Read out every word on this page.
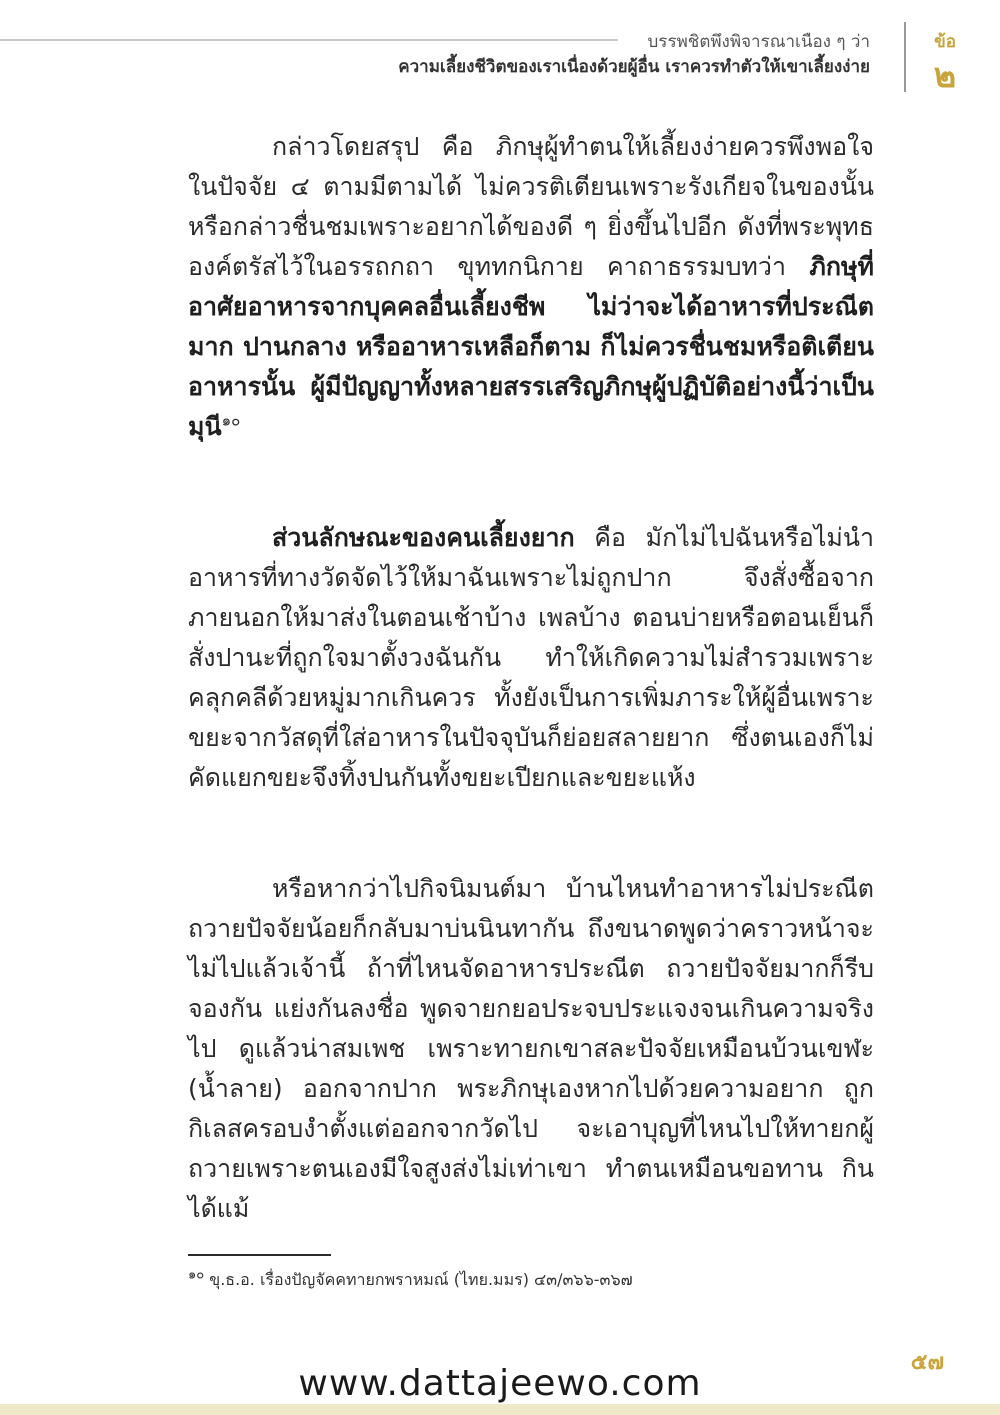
บรรพชิตพึงพิจารณาเนือง ๆ ว่า
ความเลี้ยงชีวิตของเราเนื่องด้วยผู้อื่น เราควรทำตัวให้เขาเลี้ยงง่าย
ข้อ
๒

กล่าวโดยสรุป คือ ภิกษุผู้ทำตนให้เลี้ยงง่ายควรพึงพอใจในปัจจัย ๔ ตามมีตามได้ ไม่ควรติเตียนเพราะรังเกียจในของนั้น หรือกล่าวชื่นชมเพราะอยากได้ของดี ๆ ยิ่งขึ้นไปอีก ดังที่พระพุทธองค์ตรัสไว้ในอรรถกถา ขุททกนิกาย คาถาธรรมบทว่า ภิกษุที่อาศัยอาหารจากบุคคลอื่นเลี้ยงชีพ ไม่ว่าจะได้อาหารที่ประณีตมาก ปานกลาง หรืออาหารเหลือก็ตาม ก็ไม่ควรชื่นชมหรือติเตียนอาหารนั้น ผู้มีปัญญาทั้งหลายสรรเสริญภิกษุผู้ปฏิบัติอย่างนี้ว่าเป็นมุนี$^{๑๐}$

ส่วนลักษณะของคนเลี้ยงยาก คือ มักไม่ไปฉันหรือไม่นำอาหารที่ทางวัดจัดไว้ให้มาฉันเพราะไม่ถูกปาก จึงสั่งซื้อจากภายนอกให้มาส่งในตอนเช้าบ้าง เพลบ้าง ตอนบ่ายหรือตอนเย็นก็สั่งปานะที่ถูกใจมาตั้งวงฉันกัน ทำให้เกิดความไม่สำรวมเพราะคลุกคลีด้วยหมู่มากเกินควร ทั้งยังเป็นการเพิ่มภาระให้ผู้อื่นเพราะขยะจากวัสดุที่ใส่อาหารในปัจจุบันก็ย่อยสลายยาก ซึ่งตนเองก็ไม่คัดแยกขยะจึงทิ้งปนกันทั้งขยะเปียกและขยะแห้ง

หรือหากว่าไปกิจนิมนต์มา บ้านไหนทำอาหารไม่ประณีตถวายปัจจัยน้อยก็กลับมาบ่นนินทากัน ถึงขนาดพูดว่าคราวหน้าจะไม่ไปแล้วเจ้านี้ ถ้าที่ไหนจัดอาหารประณีต ถวายปัจจัยมากก็รีบจองกัน แย่งกันลงชื่อ พูดจายกยอประจบประแจงจนเกินความจริงไป ดูแล้วน่าสมเพช เพราะทายกเขาสละปัจจัยเหมือนบ้วนเขฬะ (น้ำลาย) ออกจากปาก พระภิกษุเองหากไปด้วยความอยาก ถูกกิเลสครอบงำตั้งแต่ออกจากวัดไป จะเอาบุญที่ไหนไปให้ทายกผู้ถวายเพราะตนเองมีใจสูงส่งไม่เท่าเขา ทำตนเหมือนขอทาน กินได้แม้

$^{๑๐}$ ขุ.ธ.อ. เรื่องปัญจัคคทายกพราหมณ์ (ไทย.มมร) ๔๓/๓๖๖-๓๖๗
๕๗
www.dattajeewo.com
